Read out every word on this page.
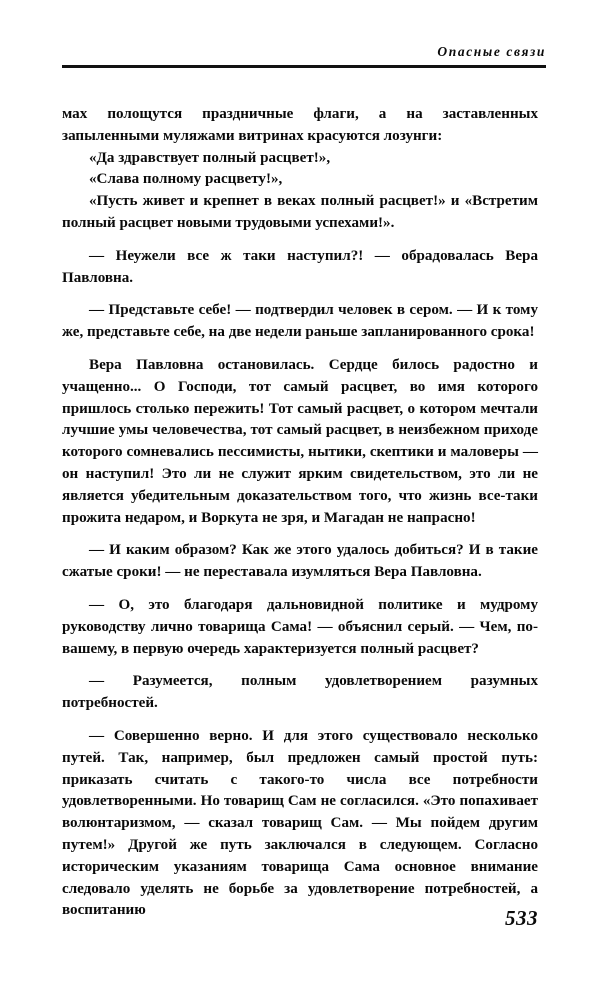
Опасные связи

мах полощутся праздничные флаги, а на заставленных запыленными муляжами витринах красуются лозунги:

«Да здравствует полный расцвет!»,

«Слава полному расцвету!»,

«Пусть живет и крепнет в веках полный расцвет!» и «Встретим полный расцвет новыми трудовыми успехами!».

— Неужели все ж таки наступил?! — обрадовалась Вера Павловна.

— Представьте себе! — подтвердил человек в сером. — И к тому же, представьте себе, на две недели раньше запланированного срока!

Вера Павловна остановилась. Сердце билось радостно и учащенно... О Господи, тот самый расцвет, во имя которого пришлось столько пережить! Тот самый расцвет, о котором мечтали лучшие умы человечества, тот самый расцвет, в неизбежном приходе которого сомневались пессимисты, нытики, скептики и маловеры — он наступил! Это ли не служит ярким свидетельством, это ли не является убедительным доказательством того, что жизнь все-таки прожита недаром, и Воркута не зря, и Магадан не напрасно!

— И каким образом? Как же этого удалось добиться? И в такие сжатые сроки! — не переставала изумляться Вера Павловна.

— О, это благодаря дальновидной политике и мудрому руководству лично товарища Сама! — объяснил серый. — Чем, по-вашему, в первую очередь характеризуется полный расцвет?

— Разумеется, полным удовлетворением разумных потребностей.

— Совершенно верно. И для этого существовало несколько путей. Так, например, был предложен самый простой путь: приказать считать с такого-то числа все потребности удовлетворенными. Но товарищ Сам не согласился. «Это попахивает волюнтаризмом, — сказал товарищ Сам. — Мы пойдем другим путем!» Другой же путь заключался в следующем. Согласно историческим указаниям товарища Сама основное внимание следовало уделять не борьбе за удовлетворение потребностей, а воспитанию	533
